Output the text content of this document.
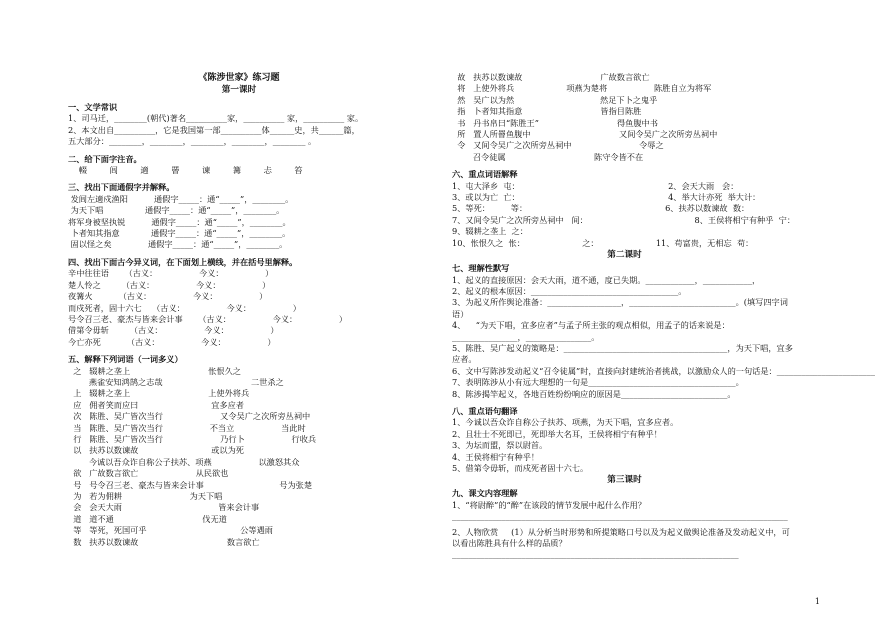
《陈涉世家》练习题
第一课时
一、文学常识
1、司马迁，________(朝代)著名__________家，__________ 家，__________ 家。
2、本文出自__________，它是我国第一部__________体______史，共______篇，
五大部分：________，________，________，________，________ 。
二、给下面字注音。
輟      闾      適      罾      谏      篝      忐      笞
三、找出下面通假字并解释。
发闾左適戍渔阳          通假字_____：通“_____”，________。
为天下唱                通假字_____：通“_____”，________。
将军身被坚执锐          通假字_____：通“_____”，________。
卜者知其指意            通假字_____：通“_____”，________。
固以怪之矣              通假字_____：通“_____”，________。
四、找出下面古今异义词，在下面划上横线，并在括号里解释。
辛中往往语      （古义：                今义：                ）
楚人怜之        （古义：                今义：                ）
夜篝火          （古义：                今义：                ）
而戍死者，固十六七    （古义：                今义：                ）
号令召三老、豪杰与皆来会计事      （古义：                今义：                ）
借第令毋斩        （古义：                今义：                ）
今亡亦死          （古义：                今义：                ）
五、解释下列词语（一词多义）
之   辍耕之垄上                              怅恨久之
燕雀安知鸿鹄之志哉                                  二世杀之
上   辍耕之垄上                              上使外将兵
应   佣者笑而应曰                            宜多应者
次   陈胜、吴广皆次当行                      又令吴广之次所旁丛祠中
当   陈胜、吴广皆次当行                  不当立                  当此时
行   陈胜、吴广皆次当行                      乃行卜                  行收兵
以   扶苏以数谏故                            或以为死
今诚以吾众诈自称公子扶苏、项燕                  以激怒其众
欲   广故数言欲亡                      从民欲也
号   号令召三老、豪杰与皆来会计事                             号为张楚
为   若为佣耕                          为天下唱
会   会天大雨                                     皆来会计事
道   道不通                                  伐无道
等   等死，死国可乎                                    公等遇雨
数   扶苏以数谏故                                  数言欲亡
故   扶苏以数谏故                              广故数言欲亡
将   上使外将兵                    项燕为楚将                  陈胜自立为将军
然   吴广以为然                                 然足下卜之鬼乎
指   卜者知其指意                              皆指目陈胜
书   丹书帛曰“陈胜王”                              得鱼腹中书
所   置人所罾鱼腹中                                  又间令吴广之次所旁丛祠中
令   又间令吴广之次所旁丛祠中                          令辱之
召令徒属                                  陈守令皆不在
六、重点词语解释
1、屯大泽乡  屯：                                                         2、会天大雨   会：
3、或以为亡  亡：                                                         4、举大计亦死  举大计：
5、等死：        等：                                                     6、扶苏以数谏故  数：
7、又间令吴广之次所旁丛祠中   间：                                         8、王侯将相宁有种乎  宁：
9、辍耕之垄上  之：
10、怅恨久之  怅：                      之：                      11、苟富贵，无相忘  苟：
第二课时
七、理解性默写
1、起义的直接原因：会天大雨，道不通，度已失期。____________，____________，
2、起义的根本原因：____________________________________。
3、为起义所作舆论准备：__________________，__________________________。(填写四字词语）
4、    “为天下唱，宜多应者”与孟子所主张的观点相似，用孟子的话来说是：________________，________________。
5、陈胜、吴广起义的策略是：________________________________________，为天下唱，宜多应者。
6、文中写陈涉发动起义“召令徒属”时，直接向封建统治者挑战，以激励众人的一句话是：________________________
7、表明陈涉从小有远大理想的一句是____________________________________。
8、陈涉揭竿起义，各地百姓纷纷响应的原因是__________________________。
八、重点语句翻译
1、今诚以吾众诈自称公子扶苏、项燕，为天下唱，宜多应者。
2、且壮士不死即已，死即举大名耳，王侯将相宁有种乎！
3、为坛而盟，祭以尉首。
4、王侯将相宁有种乎！
5、借第令毋斩，而戍死者固十六七。
第三课时
九、课文内容理解
1、“将尉醉”的“醉”在该段的情节发展中起什么作用？
__________________________________________________________________________________
2、人物欣赏     (1）从分析当时形势和所提策略口号以及为起义做舆论准备及发动起义中，可以看出陈胜具有什么样的品质？
______________________________________________________________________
1
